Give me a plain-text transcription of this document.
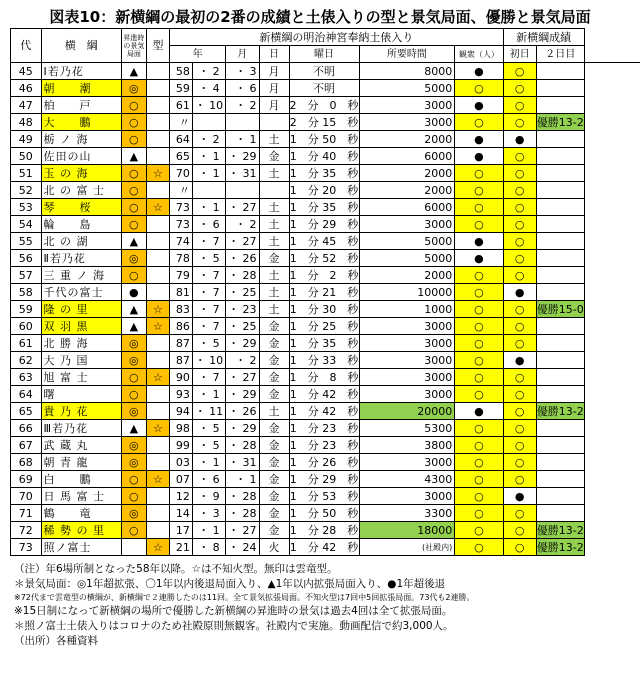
図表10：新横綱の最初の2番の成績と土俵入りの型と景気局面、優勝と景気局面
代	横　綱	昇進時の景気局面	型	新横綱の明治神宮奉納土俵入り							新横綱成績		
				年		月	日	曜日	所要時間	観衆（人）	初日	２日目	
45	Ⅰ若乃花	▲		58	・ 2	・ 3	月	不明	8000	●	○		
46	朝　　潮	◎		59	・ 4	・ 6	月	不明	5000	○	○		
47	柏　　戸	○		61	・ 10	・ 2	月	2　分　0　秒	3000	●	○		
48	大　　鵬	○		〃				2　分 15　秒	3000	○	○	優勝13-2	
49	栃 ノ 海	○		64	・ 2	・ 1	土	1　分 50　秒	2000	●	●		
50	佐田の山	▲		65	・ 1	・ 29	金	1　分 40　秒	6000	●	○		
51	玉 の 海	○	☆	70	・ 1	・ 31	土	1　分 35　秒	2000	○	○		
52	北 の 富 士	○		〃				1　分 20　秒	2000	○	○		
53	琴　　桜	○	☆	73	・ 1	・ 27	土	1　分 35　秒	6000	○	○		
54	輪　　島	○		73	・ 6	・ 2	土	1　分 29　秒	3000	○	○		
55	北 の 湖	▲		74	・ 7	・ 27	土	1　分 45　秒	5000	●	○		
56	Ⅱ若乃花	◎		78	・ 5	・ 26	金	1　分 52　秒	5000	●	○		
57	三 重 ノ 海	○		79	・ 7	・ 28	土	1　分　2　秒	2000	○	○		
58	千代の富士	●		81	・ 7	・ 25	土	1　分 21　秒	10000	○	●		
59	隆 の 里	▲	☆	83	・ 7	・ 23	土	1　分 30　秒	1000	○	○	優勝15-0	
60	双 羽 黒	▲	☆	86	・ 7	・ 25	金	1　分 25　秒	3000	○	○		
61	北 勝 海	◎		87	・ 5	・ 29	金	1　分 35　秒	3000	○	○		
62	大 乃 国	◎		87	・ 10	・ 2	金	1　分 33　秒	3000	○	●		
63	旭 富 士	○	☆	90	・ 7	・ 27	金	1　分　8　秒	3000	○	○		
64	曙	○		93	・ 1	・ 29	金	1　分 42　秒	3000	○	○		
65	貴 乃 花	◎		94	・ 11	・ 26	土	1　分 42　秒	20000	●	○	優勝13-2	
66	Ⅲ若乃花	▲	☆	98	・ 5	・ 29	金	1　分 23　秒	5300	○	○		
67	武 蔵 丸	◎		99	・ 5	・ 28	金	1　分 23　秒	3800	○	○		
68	朝 青 龍	◎		03	・ 1	・ 31	金	1　分 26　秒	3000	○	○		
69	白　　鵬	○	☆	07	・ 6	・ 1	金	1　分 29　秒	4300	○	○		
70	日 馬 富 士	○		12	・ 9	・ 28	金	1　分 53　秒	3000	○	●		
71	鶴　　竜	◎		14	・ 3	・ 28	金	1　分 50　秒	3300	○	○		
72	稀 勢 の 里	○		17	・ 1	・ 27	金	1　分 28　秒	18000	○	○	優勝13-2	
73	照ノ富士		☆	21	・ 8	・ 24	火	1　分 42　秒	(社殿内)	○	○	優勝13-2	
（注）年6場所制となった58年以降。☆は不知火型。無印は雲竜型。
＊景気局面：◎1年超拡張、〇1年以内後退局面入り、▲1年以内拡張局面入り、●1年超後退
※72代まで雲竜型の横綱が、新横綱で２連勝したのは11回。全て景気拡張局面。不知火型は7回中5回拡張局面。73代も2連勝。
※15日制になって新横綱の場所で優勝した新横綱の昇進時の景気は過去4回は全て拡張局面。
＊照ノ富士土俵入りはコロナのため社殿原則無観客。社殿内で実施。動画配信で約3,000人。
（出所）各種資料
